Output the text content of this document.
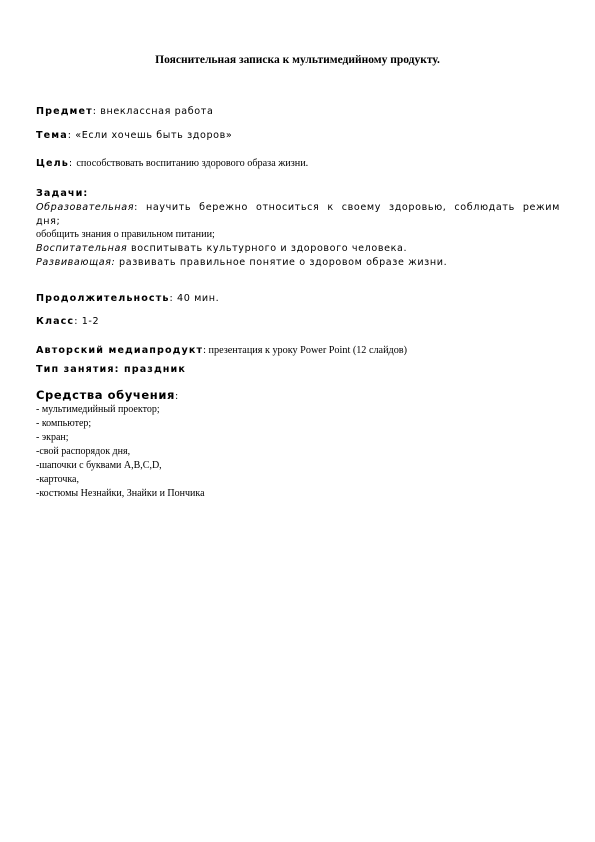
Пояснительная записка к мультимедийному продукту.
Предмет: внеклассная работа
Тема: «Если хочешь быть здоров»
Цель: способствовать воспитанию здорового образа жизни.
Задачи:
Образовательная: научить бережно относиться к своему здоровью, соблюдать режим
дня;
обобщить знания о правильном питании;
Воспитательная воспитывать культурного и здорового человека.
Развивающая: развивать правильное понятие о здоровом образе жизни.
Продолжительность: 40 мин.
Класс: 1-2
Авторский медиапродукт: презентация к уроку Power Point (12 слайдов)
Тип занятия: праздник
Средства обучения:
- мультимедийный проектор;
- компьютер;
- экран;
-свой распорядок дня,
-шапочки с буквами A,B,C,D,
-карточка,
-костюмы Незнайки, Знайки и Пончика
